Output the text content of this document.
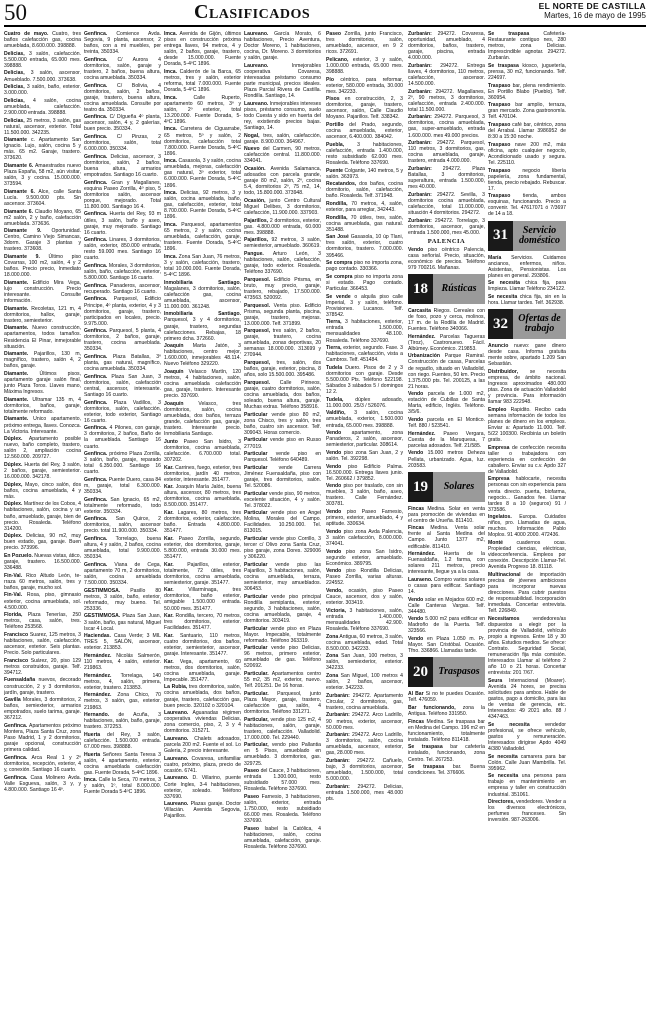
50	Clasificados	EL NORTE DE CASTILLA
Martes, 16 de mayo de 1995

Cuatro de mayo. Cuatro, tres baños calefacción gas, cocina amueblada, 8.600.000. 398888.

Delicias, 3 salón, calefacción. 5.500.000 entrada, 65.000 mes. 398888.

Delicias, 3 salón, ascensor. Amueblado. 7.500.000. 373638.

Delicias, 3 salón, baño, exterior. 3.000.000.

Delicias, 4 salón, cocina amueblada, calefacción. 2.900.000 entrada. 398888.

Delicias, 25 metros, 3 salón, gas natural, ascensor, exterior. Total 11.500.000. 342235.

Diamante c. Apartamento San Ignacio. Lujo, salón, cocina 5 y más. 65 m2. Garaje, trastero. 373620.

Diamante 6. Amaestrados nuevo Plaza España, 58 m2, aún visitar, salón, 3 y cocina. 15.000.000. 373594.

Diamante 6. Alce, calle Santa Lucía. 9.500.000 pts. Sin ascensor. 373604.

Diamante 6. Claudio Moyano, 65 m2 salón, 2 y baño, calefacción amueblada. 373636.

Diamante 9. Oportunidad. Centro, Camino Viejo Simancas, 3dorm. Garaje 3 plantas y trastero. 373608.

Diamante 9. Último piso Covarras, 100 m2, salón, 4 y 2 baños. Precio precio, Inmediato 18.000.000.

Diamante. Edificio Mira Vega, lujo construcción. Precio interesante. Consulte información.

Diamante. Recoletas, 121 m, 4 dormitorios, hallox, garaje, trastero, semiexterior.

Diamante. Nuevo construcción, apartamentos, todos tamaños. Residencia El Pinar, inmejorable situación.

Diamante. Pajarillos, 130 m, magnífico, trastero, salón 4, 2 baños, garaje.

Diamante. Últimos pisos, apartamento garaje salón final, junto Plaza Toros. Llaves mano, Máxima Ingresos.

Diamante. Ultramar 135 m, 4 dormitorios, baños, garaje, totalmente reformado.

Diamante. Unico apartamento, próximo entrega, llaves. Conozca. La Victoria. Interesante.

Dúplex. Apartamento posible nuevo, baño completo, trastero, salón 2, ampliación cocina 12.560.000. 209727.

Dúplex. Huerta del Rey, 3 salón, 2 baños, garaje, semiexterior. 16.000.000. 342178.

Dúplex, Mayo, cinco salón, dos baños, cocina amueblada, 4 y más.

Dúplex. Martínez de los Cobos, 4 habitaciones, salón, cocina y un baño, amueblado, garaje, bien de precio. Rosaleda. Teléfono 314200.

Dúplex. Delicias, 90 m2, muy buen estado, gas, garaje. Buen precio. 373996.

En Pozuelo. Nuevas vistas, ático, garaje, trastero. 16.500.000. 336488.

Fin-Val. Rico Altudo León, te-rraza 60 metros, salón, tres y baños, garaje, mucho sol.

Fin-Val. Rosa, piso, gimnasio exterior, cocina amueblada, sol. 4.500.000.

Florida, Plaza Tenerías, 250 metros, casa, salón, tres. Teléfono 253568.

Francisco Suarez, 125 metros, 3 habitaciones, salón, calefacción, ascensor, exterior. Seis plantas. Precio. Solo particulares.

Francisco Suárez, 20, piso 129 metros construidos, garaje. Telf. 394712.

Fuensaldaña nuevos, decorado construcción, 2 y 3 dormitorios, jardín, garaje, trastero.

Gavilla Morales, 3 dormitorios, 2 baños, semiexterior, armarios empotrados, suelo tarima, garaje. 367212.

Genfinca. Apartamentos próximo Montera, Plaza Santa Cruz, zona Paso Madrid, 1 y 2 dormitorios, garaje opcional, construcción primera calidad.

Genfinca. Arca Real 1 y 2º dormitorios, recepción, exterior, 4 y, conexión. Santiago 16 cuarto.

Genfinca. Casa Molinero Avda. Valle Esgueva, salón, 3 y, y 4.800.000. Santiago 16 4º.

Genfinca. Comience Avda. Segovia, 9 planta, ascensor, 2 baños, con a mi muebles, per treinta, 350334.

Genfinca. C/ Aurora 4 dormitorios, salón, garaje y trastero, 2 baños, buena altura, cocina amueblada. 350334.

Genfinca. C/ Bolivia, 4 dormitorios, salón, 2 baños, garaje, trastero, buena altura, cocina amueblada. Consulte por teatro da. 350334.

Genfinca. C/ Dígueña 4º planta, ascensor, salón, 4 y, 2 galerías, buen precio. 350334.

Genfinca. C/ Pinzas, 2 dormitorios, salón, total 6.000.000. 350334.

Genfinca. Delicias, ascensor, 3 dormitorios, salón, 2 baños, buena altura, armarios empotrados. Santiago 16 cuarto.

Genfinca. Gran y Magallanes, esquina Paseo Zorrilla, 4º piso, 5 dormitorios salón, ascensor porque, mejorado. Total 11.800.000. Santiago 16 4.

Genfinca. Huerta del Rey, 93 m útiles, 3 salón, baño y aseo, garaje, muy mejorado. Santiago 16 cuarto.

Genfinca. Linares, 3 dormitorios, salón, exterior, 850.000 entrada, resto 59.000 mes. Santiago 16 cuarto.

Genfinca. Morales, 3 dormitorios, salón, baño, calefacción, exterior, 5.800.000. Santiago 16 cuarto.

Genfinca. Panaderos, ascensor, recuperado. Santiago 16 cuarto.

Genfinca. Parquesol, Edificio Principe, 4º planta, exterior, 4 y 3 dormitorios, garaje, trastero, participados en locales, precio. 9.975.000.

Genfinca. Parquesol, 5 planta, 4 dormitorios, 2 baños, garaje, trastero, cocina amueblada. 350334.

Genfinca. Plaza Batallas, 3º planta, gas natural, magnífico, cocina amueblada. 350334.

Genfinca. Plaza San Juan, 3 dormitorios, salón, calefacción central, ascensor, interesante. Santiago 16 cuarto.

Genfinca. Plaza Vadillos, 3 dormitorios, salón, calefacción, exterior, todo exterior, Santiago 16 cuarto.

Genfinca. 4 Pilones, con garaje, 3 dormitorios, 2 baños, Baño de la amueblada. Santiago 16 cuarto.

Genfinca. próximo Plaza Zorrilla, 3 salón, baño, garaje, reparado total 6.350.000. Santiago 16 cuarto.

Genfinca. Puente Duero, casa 84 m, garaje, total 6.300.000. 350334.

Genfinca. San Ignacio, 65 m2, totalmente reformado, todo exterior. 350334.

Genfinca. San Quirce, 2 dormitorios, salón, ascensor precio. total 11.900.000. 350334.

Genfinca. Torrelago, buena altura, 4 y salón, 2 baños, cocina amueblada, total 9.900.000. 350334.

Genfinca. Viana de Cega, apartamento 70 m, 2 dormitorios, salón, cocina amueblada 7.500.000. 350334.

GESTIMMOSA. Pasillo 80 metros, 3 salón, baño, exterior, reformado, muy bueno. Tel. 253336.

GESTIMMOSA. Plaza San Juan, 3 salón, baño, gas natural, Miguel Iscar 4 Local.

Haciendas. Casa Verde; 3 MIL TRES 5, SALÓN, ascensor, exterior. 213853.

Hernández. Nicolás Salmerón, 110 metros, 4 salón, exterior. 219863.

Hernández. Torrelaga, 140 metros, 4, salón, primera, exterior, trastero. 213853.

Hernández. Zona Chico, 70 metros, 3 salón, gas, exterior. 219863.

Hernando. de Acuña, 3 habitaciones, salón, baño, garaje, trastero. 372253.

Huerta del Rey, 3 salón, calefacción. 1.500.000 entrada. 67.000 mes. 398888.

Huerta Señores Santa Teresa 3 salón, 4 apartamento, exterior, cocina amueblada calefacción gas. Fuente Dorada, 5-4ºC 1896.

Imca. Calle la Seca, 70 metros, 3 y salón, 1º, total 8.000.000. Fuente Dorada 5-4ºC 1896.

Imca. Avenida de Gijón, últimos pisos en construcción próxima entrega llaves, 94 metros, 4 y salón, 2 baños, garaje, trastero, desde 15.000.000. Fuente Dorada, 5-4ºC 1896.

Imca. Calderón de la Barca, 65 metros, tres y salón, exterior reforma, total 7.000.000. Fuente Dorada, 5-4ºC 1896.

Imca. Calle Ruperto, apartamento 60 metros, 3º y salón, 2º exterior, total 13.200.000. Fuente Dorada, 5-4ºC 1896.

Imca. Carretera de Ciguarrabe, 65 metros, 5º y salón, 2 dormitorios, calefacción total 7.800.000. Fuente Dorada, 5-4ºC 1896.

Imca. Casasola, 3 y salón, cocina amueblada, mejoras, calefacción gas natural, 3º exterior, total 6.000.000. Fuente Dorada, 5-4ºC 1896.

Imca. Delicias, 92 metros, 3 y salón, cocina amueblada, baño, gas, calefacción, exterior, total 8.700.000. Fuente Dorada, 5-4ºC 1896.

Imca. Parquesol, apartamentos 65 metros, 2 y salón, cocina amueblada, calefacción, garaje, trastero. Fuente Dorada, 5-4ºC 1896.

Imca. Zona San Juan, 76 metros, 3 y salón, calefacción, trastero, total 10.000.000. Fuente Dorada, 5-4ºC 1896.

Inmobiliaria Santiago. Magalanes, 3 dormitorios, salón, calefacción gas, cocina amueblada, ascensor, 11.000.000. 361248.

Inmobiliaria Santiago. Parquesol, 3 y 4 dormitorios, garaje, trastero, segundas calefacciones. Rebajas, 18 primero dcha. 372660.

Joaquín Marta Jatón, 3 habitaciones, centro mejor, 1.600.000, inmejorables 48.114. Nuevo Teléfono 329220.

Joaquín Velasco Martín, 120 metros, 4 habitaciones, salón, cocina amueblada calefacción gas, garaje, trastero. Interesante precio. 337690.

Joaquín Velasco, tres dormitorios, salón, cocina amueblada, dos baños, terraza grande, calefacción gas, garaje, trastero. Interesante precio. Inmobiliaria Santiago.

Junto Paseo San Isidro, 3 dormitorios, cocina amueblada, calefacción. 6.700.000 total. 307202.

Kar. Carrines, fuego, exterior, tres dormitorios, jardín 40 metros, exterior, interesante. 351477.

Kar. Joaquín María Jalón, buena altura, ascensor, 80 metros, tres dormitorios, cocina amueblada, 8.500.000. 351477.

Kar. Lagares, 80 metros, tres dormitorios, exterior, calefacción, baño. Entrada 4.800.000. 351477.

Kar. Paseo Zorrilla, segundo, exterior, dos dormitorios, garaje, 5.800.000, entrada 30.000 mes. 351477.

Kar. Pajarillos, exterior, totalmente, 72 útiles, tres dormitorios, cocina amueblada, semiexterior, garaje. 351477.

Kar. Villarmínaga, tres dormitorios, baño exterior, amigable 1.500.000 entrada. 50.000 mes. 351477.

Kar. Rondilla, tercero, 70 metros, tres dormitorios, exterior. Facilidades. 351477.

Kar. Santuario, 110 metros, cuatro dormitorios, dos baños, exterior, semiexterior, ascensor, garaje. Interesante. 351477.

Kar. Vega, apartamento, 60 metros, dos dormitorios, salón, cocina amueblada, garaje. Impecable. 351477.

La Rubia, tres dormitorios, salón, cocina amueblada, dos baños, garaje, trastero, calefacción gas, buen precio. 320102 o 320104.

Laureano. Aguanadas régimen cooperativa viviendas Delicias, zona comercio, piso, 2, 3 y 4 dormitorios. 315271.

Laureano. Chalets adosados, parcela 200 m2. Fuente el sol. Lo Galeria, 2 precio interesante.

Laureano. Covaresa, unifamiliar cuatro, próximo, plaza, precio de ocasión. 6741.

Laureano. D. Villarino, puente Corte Ingles, 3-4 habitaciones, exterior, soleado. Teléfono 337690.

Laureano. Plazas garaje. Doctor Villacián. Avenida Segovia, Pajarillos.

Laureano. García Morato, 6 habitaciones, Precio Aventura, Doctor Moreno, 1 habitaciones, cocina, Dr. Moreno. 3 dormitorios y salón, garaje.

Laureano. Inmejorables cooperativa Covaresa, interesadas préstamo consumo parte municipal, precios ideales. Plaza Parcial Rivera de Castilla. Rondilla. Santiago, 14.

Laureano. Inmejorables intereses pisos, préstamo consumo, suelo todo Cuesta y sido en huerta del rey, existiendo precios bajas. Santiago, 14.

Nogal, tres, salón, calefacción, garaje. 8.900.000. 364967.

Nuevo del Carmen, 90 metros, calefacción central. 11.800.000. 334041.

Ocasión. Avenida Salamanca, adosados con parcela grande, garaje 80 m2, salón, 2º, cocina 5.4, dormitorios 2º, 75 m2, 14, todo, 15.800.000. 373948.

Ocasión, junto Centro Cultural Miguel Delibes, 3 dormitorios, calefacción, 11.900.000. 337903.

Pajarillos, 2 dormitorios, exterior, gas. 4.800.000 entrada, 60.000 mes. 398888.

Pajarillos, 92 metros, 3 salón, semiexterior, amueblado. 360619.

Pangue. Arturo León, 3 habitaciones, salón, calefacción, garaje, todo exterior. Rosaleda. Teléfono 337690.

Parquesol. Edificio Prisma, en bruto, muy precio, garaje, trastero, rebajado, 17.500.000. 473563. 520092.

Parquesol. Venta piso. Edificio Prisma, segunda planta, piscina, garaje, trastero, mejoras. 13.000.000. Telf. 371899.

Parquesol, tres salón, 2 baños, garaje, trastero, cocina amueblada, zonas deportivas, 20 semanas 18.000.000. 313699 y 270944.

Parquesol, tres, salón, dos baños, garaje, exterior, piscina, 8 años, solo 15.500.000. 395486.

Parquesol. Calle Pirineos, garaje, cuatro dormitorios, salón, cocina amueblada, dos baños, soleado, buena altura, garaje. Muchas extras. Teléfono 358916.

Particular vende piso 80 m2, zona Chisco, tres y salón, tres baño, cuatro sin ascensor. Telf. 309043. Horas comercio.

Particular vende piso en Russo 277019.

Particular vende piso en Parquesol. Teléfono 640489.

Particular vende Carrera Jiménez Fuensaldaña, piso con garaje, tres dormitorios, salón. Tel. 520086.

Particular vende piso, 90 metros, excelente situación, 4 y salón. Tel. 378022.

Particular vende piso en Angel Molina, Morales del Campo. Facilidades. 10.250.000. Tel. 813015.

Particular vende piso Corrillo, 3 tercer c/ Olivo zona Santa Cruz, piso garaje, zona Dores. 329006 y 306220.

Particular vende piso las Pajarillos, 3 habitaciones, salón, cocina amueblada, terraza, semiexterior, muy amueblados. 306453.

Particular vende piso principal Rondilla semiplanta, exterior, segundo, 3 habitaciones, salón, cocina amueblada, garaje, 4 dormitorios. 303419.

Particular vende piso en Plaza Mayor. Impecable, totalmente reformado. Teléfono 363319.

Particular vende piso Delicias, 96 metros, primero exterior, amueblado de gas. Teléfono 520692.

Particular. Apartamentos centro 55 m2, 35 m2, exterior, nuevo. Telf. 201251. De 16 horas.

Particular. Parquesol, junto Plaza Mayor, garaje, trastero, calefacción gas, salón, 4 dormitorios. Teléfono 331271.

Particular, vende piso 125 m2, 4 habitaciones, salón, garaje, trastero, calefacción. Valladolid. 17.000.000. Tel. 229440.

Particular, vendo piso Pallantia en 5 Pisos, amueblado en amueblado. 3 dormitorios, gas. 329725.

Paseo del Cauce, 3 habitaciones, entrada 1.300.000, resto subsidiado 57.000 mes. Rosaleda. Teléfono 337690.

Paseo Farnesio, 3 habitaciones, salón, exterior, entrada 1.750.000, resto subsidiado 66.000 mes. Rosaleda. Teléfono 337690.

Paseo Isabel la Católica, 4 habitaciones, salón, cocina amueblada, calefacción, garaje. Rosaleda. Teléfono 337690.

Paseo Zorrilla, junto Francisco, tres dormitorios, salón, amueblado, ascensor, en 9 2 ricos. 372691.

Pelícano, exterior, 3 y salón, 1.000.000 entrada, 65.000 mes. 398888.

Pío céntrico, para reformar, exterior, 580.000 entrada, 30.000 mes. 342233.

Pisos en construcción, 2, 3 dormitorios, garaje, trastero, ascensor, salón, Calle Claudio Moyano. Pajarillos. Telf. 338342.

Portillo del Prado, segundo, cocina amueblada, exterior, ascensor, 6.400.000. 384042.

Puebla, 3 habitaciones, calefacción, entrada 1.400.000, resto subsidiado 62.000 mes. Rosaleda. Teléfono 337690.

Puente Colgante, 140 metros, 5 y salón. 363973.

Recatandos, dos baños, cocina dormitorio, salón, calefacción, baño. Rosaleda. Telf. 371948.

Rondilla, 70 metros, 4, salón, exterior, para arreglar, 342443.

Rondilla, 70 útiles, tres, salón, cocina amueblada, gas natural. 351488.

San José Gasasola, 10 úp Tlani, tres salón, exterior, cuatro dormitorios, trastero. 7.000.000. 395466.

Se compra piso no importa zona, pago contado. 330366.

Se compra piso no importa zona si estado. Pago contado. Particular. 366453.

Se vende o alquila piso calle Imperial, 3 y salón, teléfono. Provisiones. Lucanos. Telf. 378542.

Tierra, 3 habitaciones, exterior, entrada 1.500.000, mensualidades 48.100. Rosaleda. Teléfono 337690.

Tierra, exterior, segundo. Fase. 3 habitaciones, calefacción, vista a Cambros. Telf. 451484.

Tudela Duero. Pisos de 2 y 3 dormitorios con garaje. Desde 5.500.000 Pts. Teléfono 522198. Sábados 3 sábados 5 / domingos 12 2.

Tudela, dúplex adosado, 11.000.000. 25/3 / 526076.

Valdiño, 3 salón, cocina amueblada, exterior, 1.500.000 entrada, 65.000 mes. 398888.

Vendo apartamento, zona Panaderos, 2 salón, ascensor, semiexterior, particular. 308614.

Vendo piso zona San Juan, 2 y salón. Tel. 392298.

Vendo piso Edificio Palma. 16.500.000. Entrega llaves junio. Tel. 260662 / 379852.

Vendo piso por traslado, con sin muebles, 3 salón, baño, aseo, trastero. Calle Fernández. 303781.

Vendo piso Paseo Farnesio, primero, exterior, amueblado, 4 y aptitude. 330634.

Vendo piso zona Avda Palencia, 3 salón calefacción, 8.000.000. 374041.

Vendo piso zona San Isidro, segundo exterior, amueblado. Económico. 389795.

Vendo piso Rondilla Delicias, Paseo Zorrilla, varias alturas. 224552.

Vendo, ocasión, piso Paseo Cauce, ascensor, dos y salón, exterior. 303419.

Victoria, 3 habitaciones, salón, entrada 1.400.000, mensualidades 42.900. Rosaleda. Teléfono 337690.

Zona Antigua, 60 metros, 3 salón, cocina amueblada, edad. Total 8.500.000. 342233.

Zona San Juan, 100 metros, 3 salón, semiexterior, exterior. 342233.

Zona San Miguel, 100 metros 4 salón, 2 baños, ascensor, exterior. 342233.

Zurbarán: 294272. Apartamento Circular, 2 dormitorios, gas, trastero, cocina amueblada.

Zurbarán: 294272. Arco Ladrillo, 90 metros, exterior, ascensor, 50.000 mes.

Zurbarán: 294272. Arco Ladrillo, 3 dormitorios, salón, cocina amueblada, ascensor, exterior, gas, 28.000 mes.

Zurbarán: 294272. Cañuelo, bajo, 3 dormitorios, ascensor, amueblado, 1.500.000, total 5.000.000.

Zurbarán: 294272. Delicias, entrada 1.500.000, mes 48.000 pts.

Zurbarán: 294272. Covaresa, oportunidad, amueblado, 4 dormitorios, baños, trastero, garaje, piscina, entrada 4.000.000.

Zurbarán: 294272. Entrega llaves, 4 dormitorios, 110 metros, calefacción, ascensor. 14.500.000.

Zurbarán: 294272. Magallanes, 2º, 90 metros, 3 dormitorios, calefacción, entrada 2.400.000. total 11.500.000.

Zurbarán: 294272. Parquesol, 3 dormitorios, cocina amueblada, gas, super-amueblado, entrada 1.600.000. mes 49.000 precios.

Zurbarán: 294272. Parquesol, 110 metros, 3 dormitorios, gas, cocina amueblada, garaje, trastero, entrada 4.000.000.

Zurbarán: 294272. Plaza Batallas, 3 dormitorios, superaltura, entrada 1.500.000, mes 40.000.

Zurbarán: 294272. Sevilla, 3 dormitorios cocina amueblada, calefacción, total 11.000.000, situación 4 dormitorios. 294272.

Zurbarán: 294272. Torrelago, 3 dormitorios, ascensor, garaje, entrada 1.500.000, mes 45.000.

PALENCIA

Vendo piso céntrico Palencia, casa señorial. Precio, situación, económico de precios. Teléfono 979 700216. Mañanas.

18	Rústicas

Carcasita Riegos. Cereales con de foso, pozo y cerca, molinos, 17 m. de la Rodilla de Madrid. Fuentes. Teléfono 340066.

Hernández. Parcelas Tagueras (Tiroz), Castronuevo. Fácil. Albúmey. Económico. 219853.

Urbanización Parque Ramiral. Construcción de casas, Parcelas de regadío, situado en Valladolid, con riego. Fuentes, 50 km. Precio 1.375.000 pts. Tel. 200125, a las 21 horas.

Vendo parcela de 1.000 m2, estación de Cubillas de Santa Marta, edificio, Inglés. Teléfono. 3/5/6.

Vendo parcela en El Montico. Telf. 880 / 523541.

Hernández. Paseo Vergara, Cuesta de la Maruquesa, 7 parcelas adosados. Telf. 21/585.

Vendo 15.000 metros Deheza Pellata, urbanizado. Agua, luz. 203583.

19	Solares

Fincas Medina. Solar en venta para promoción de viviendas en el centro de Urueña. 811410.

Fincas Medina. Venta solar frente al Santa Medina del Campo. Junto 1377 m2, edificable. 811410.

Hernández. Huerta de la Fuensaldaña, 1.2 farma, con solares 211 metros, precio interesante, llegue ya a la casa.

Lauraeno. Compro varios solares o casas para edificar. Santiago 14.

Vendo solar en Mojados 600 m2. Calle Canteras Vargas. Telf. 344480.

Vendo 5.000 m2 para edificar en Madroño de la Puerta. Telf. 323566.

Vendo en Plaza 1.050 m. Pr. Mayor. San Cristóbal. Ocasión. Tfno. 336866. Llamadas tarde.

20	Traspasos

Al Bar Si no te puedes Ocasión. Telf. 476059.

Bar funcionando, zona la Antigua. Teléfono 331950.

Fincas Medina. Se traspasa bar en Medina del Campo. 196 m2 en funcionamiento, totalmente instalado. Teléfono 811418.

Se traspasa bar cafetería instalado, funcionando, zona Centro. Tel. 267253.

Se traspasa bar. Buena condiciones. Tel. 376606.

Se traspasa Cafetería-Restaurante contiguo nes, 280 metros, zona Delicias. Imprescindible agnotar. 294272. Zurbarán.

Se traspasa kiosco, juguetería, prensa, 30 m2, funcionando. Telf. 224697.

Traspaso bar, plena rendimiento. En Portillo Blabo (Pueblo). Telf. 360954.

Traspaso bar amplio, terraza, gran mercado. Zona gastronomía. Telf. 470104.

Traspaso café bar, céntrico, zona del Arrabal. Llamar 3986952 de 8:30 a 15:30 noche.

Traspaso nave 200 m2, más oficina, apto cualquier negocio, Acondicionado usado y segura. Tel. 225110.

Traspaso negocio libería papelería, zona fundamental, tienda, precio rebajado. Rebuscar. 17.

Traspaso tienda, ambos esquinas, funcionando. Precio a convenir. Tel. 47617071 ó 7/3697 de 14 a 18.

31	Servicio doméstico

María Servicios. Cuidamos ancianos, enfermos, niños. Asistentas, Pensionistas. Los planes en general. 293806.

Se necesita chica fija, para limpieza. Llamar Teléfono 234122.

Se necesita chica fija, sin en la hora. Llamar tardes. Telf. 362938.

32	Ofertas de trabajo

Anuncio nuevo: gane dinero desde casa. Informa gratuita mente sobre, apartado 1.209 San Sebastián.

Distribuidor, se necesita empresa, de ámbito nacional. Ingresos aproximados 480.000 ptas. Zona de actuación Valladolid y provincia. Para información llamar 983 222948.

Empleo Rapidito. Recibo cada semana información de todos los planes de dinero en los empleos. Enviar a: Apartado 11.000. Telf. 5/22 100300. Recibirás un boletín gratis.

Empresa de confección necesita taller o trabajadora con experiencia en confección de caballero. Enviar su c.v. Apdo 327 de Valladolid.

Empresa hablocarte, necesita personas con sin experiencia para venta directo. puerta, biofarma, negocio... Ganados fee. Llamar tardes 8 a 10 (seguros) 91 / 373586.

Ingelatos. Europa. Cuidados niños, pro. Llamadas de agua, muchos. Información Pablo Moplos. 91 4000 2000. 472436.

Monté cuadernos ocas. Propiedad ciencias, eléctricas, videoconferencia. Empleos por conexión. Descripción Llamar-Tel. Avenida Progreso 18. 81118.

Multinacional de importación precisa de jóvenes ambiciosos para incorporar nuevas direcciones. Para cubrir puestos de responsabilidad. Incorporación inmediata. Concertar entrevista. Telf. 226849.

Necesitamos vendedores/as dispuestos a elegir por la provincia de Valladolid, vehículo propio a ingresos. Entre 18 y 30 años. Estudios medios. Se ofrece: Contrato. Seguridad Social, remuneración fija más comisión. Interesados Llamar al teléfono 2 año 10 o 21 horas. Concertar entrevista: 201 7/67.

Seura Internacional (Moarer). Avenida 24 hores, se precisa solicitudes para ambos. Hable de gastos, pago a domicilio, para las de ventas de gerencia, etc. Interesados: 49 2021 año. 88 / 4347463.

Se necesita vendedor profesional, se ofrece vehículo, gastos y remuneración. Interesados dirigirse Apdo 4049 4/380 Valladolid.

Se necesita camarera para bar Colón. Calle Juan Mambrilla. Tel. 395962.

Se necesita una persona para trabajo en mantenimiento en empresa y taller en construcción industrial. 351061.

Directores, vendedores. Vender a los diversos electrónicos, perfumes franceses. Sin inversión. 987-263006.
